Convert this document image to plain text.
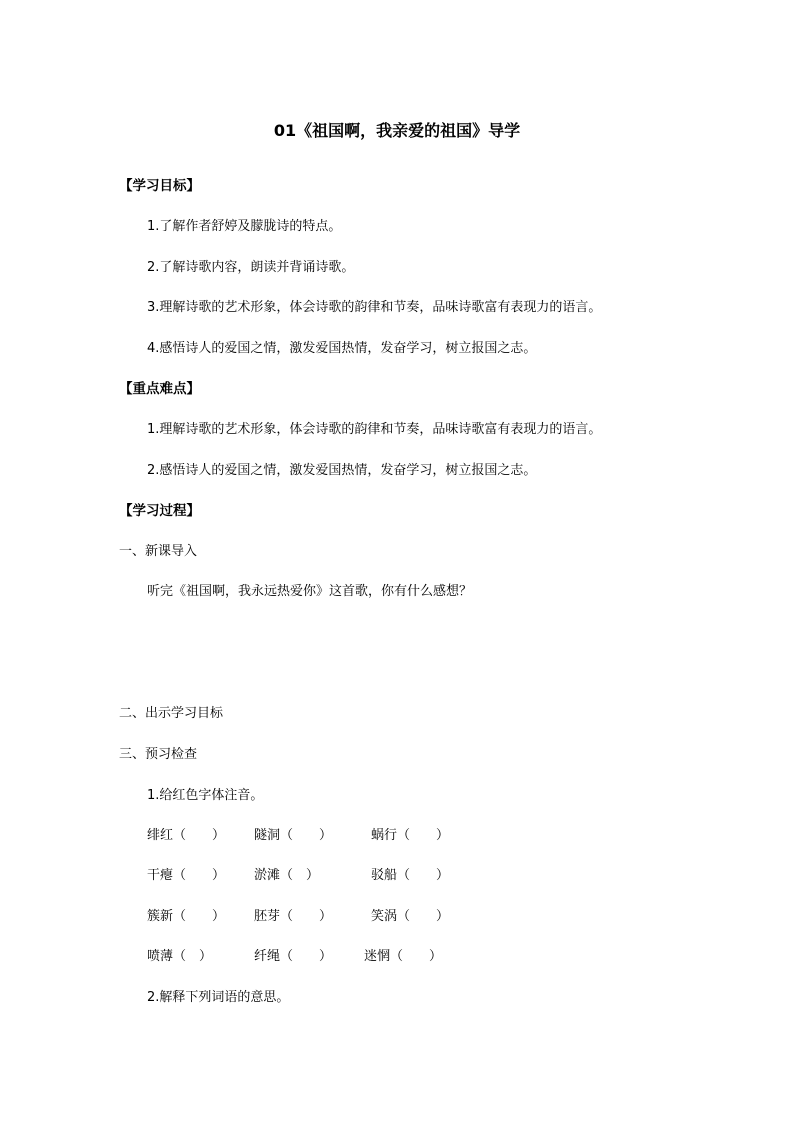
01《祖国啊，我亲爱的祖国》导学
【学习目标】
1.了解作者舒婷及朦胧诗的特点。
2.了解诗歌内容，朗读并背诵诗歌。
3.理解诗歌的艺术形象，体会诗歌的韵律和节奏，品味诗歌富有表现力的语言。
4.感悟诗人的爱国之情，激发爱国热情，发奋学习，树立报国之志。
【重点难点】
1.理解诗歌的艺术形象，体会诗歌的韵律和节奏，品味诗歌富有表现力的语言。
2.感悟诗人的爱国之情，激发爱国热情，发奋学习，树立报国之志。
【学习过程】
一、新课导入
听完《祖国啊，我永远热爱你》这首歌，你有什么感想？
二、出示学习目标
三、预习检查
1.给红色字体注音。
绯红（　　） 隧洞（　　）	蜗行（　　）
干瘪（　　） 淤滩（　）	驳船（　　）
簇新（　　） 胚芽（　　）	笑涡（　　）
喷薄（　）	纤绳（　　） 迷惘（　　）
2.解释下列词语的意思。
